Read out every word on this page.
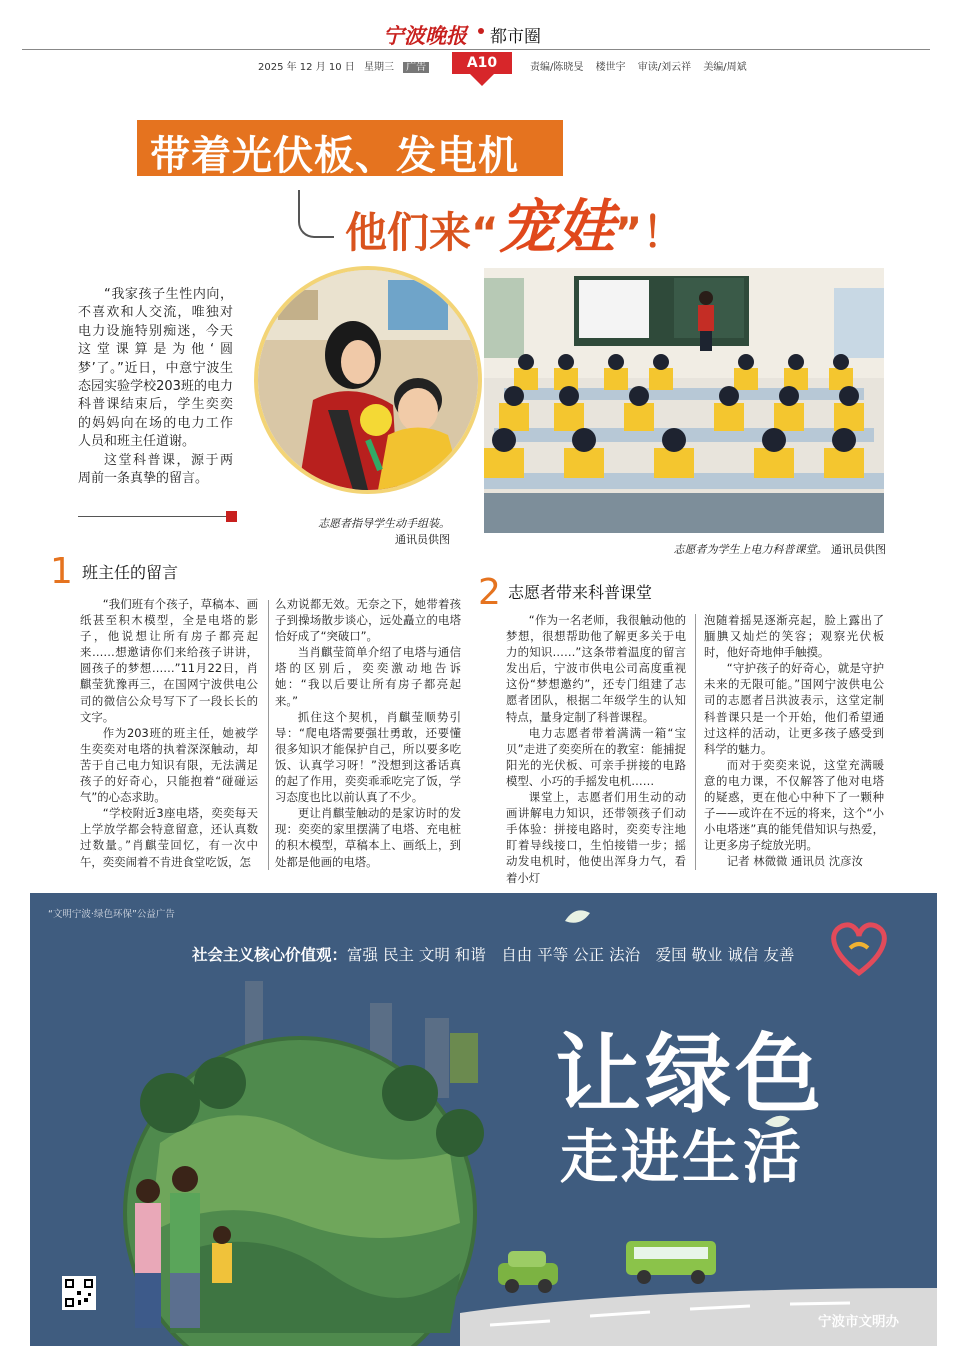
宁波晚报 都市圈
2025 年 12 月 10 日 星期三 广告	A10	责编/陈晓旻 楼世宇 审读/刘云祥 美编/周斌
带着光伏板、发电机
他们来“宠娃”！

“我家孩子生性内向，不喜欢和人交流，唯独对电力设施特别痴迷，今天这堂课算是为他‘圆梦’了。”近日，中意宁波生态园实验学校203班的电力科普课结束后，学生奕奕的妈妈向在场的电力工作人员和班主任道谢。

这堂科普课，源于两周前一条真挚的留言。

志愿者指导学生动手组装。
通讯员供图
志愿者为学生上电力科普课堂。 通讯员供图
1 班主任的留言

“我们班有个孩子，草稿本、画纸甚至积木模型，全是电塔的影子，他说想让所有房子都亮起来……想邀请你们来给孩子讲讲，圆孩子的梦想……”11月22日，肖麒莹犹豫再三，在国网宁波供电公司的微信公众号写下了一段长长的文字。

作为203班的班主任，她被学生奕奕对电塔的执着深深触动，却苦于自己电力知识有限，无法满足孩子的好奇心，只能抱着“碰碰运气”的心态求助。

“学校附近3座电塔，奕奕每天上学放学都会特意留意，还认真数过数量。”肖麒莹回忆，有一次中午，奕奕闹着不肯进食堂吃饭，怎

么劝说都无效。无奈之下，她带着孩子到操场散步谈心，远处矗立的电塔恰好成了“突破口”。

当肖麒莹简单介绍了电塔与通信塔的区别后，奕奕激动地告诉她：“我以后要让所有房子都亮起来。”

抓住这个契机，肖麒莹顺势引导：“爬电塔需要强壮勇敢，还要懂很多知识才能保护自己，所以要多吃饭、认真学习呀！”没想到这番话真的起了作用，奕奕乖乖吃完了饭，学习态度也比以前认真了不少。

更让肖麒莹触动的是家访时的发现：奕奕的家里摆满了电塔、充电桩的积木模型，草稿本上、画纸上，到处都是他画的电塔。

2 志愿者带来科普课堂

“作为一名老师，我很触动他的梦想，很想帮助他了解更多关于电力的知识……”这条带着温度的留言发出后，宁波市供电公司高度重视这份“梦想邀约”，还专门组建了志愿者团队，根据二年级学生的认知特点，量身定制了科普课程。

电力志愿者带着满满一箱“宝贝”走进了奕奕所在的教室：能捕捉阳光的光伏板、可亲手拼接的电路模型、小巧的手摇发电机……

课堂上，志愿者们用生动的动画讲解电力知识，还带领孩子们动手体验：拼接电路时，奕奕专注地盯着导线接口，生怕接错一步；摇动发电机时，他使出浑身力气，看着小灯

泡随着摇晃逐渐亮起，脸上露出了腼腆又灿烂的笑容；观察光伏板时，他好奇地伸手触摸。

“守护孩子的好奇心，就是守护未来的无限可能。”国网宁波供电公司的志愿者吕洪波表示，这堂定制科普课只是一个开始，他们希望通过这样的活动，让更多孩子感受到科学的魅力。

而对于奕奕来说，这堂充满暖意的电力课，不仅解答了他对电塔的疑惑，更在他心中种下了一颗种子——或许在不远的将来，这个“小小电塔迷”真的能凭借知识与热爱，让更多房子绽放光明。

记者 林微微 通讯员 沈彦汝

“文明宁波·绿色环保”公益广告
社会主义核心价值观：富强 民主 文明 和谐　自由 平等 公正 法治　爱国 敬业 诚信 友善
让绿色
走进生活
宁波市文明办
